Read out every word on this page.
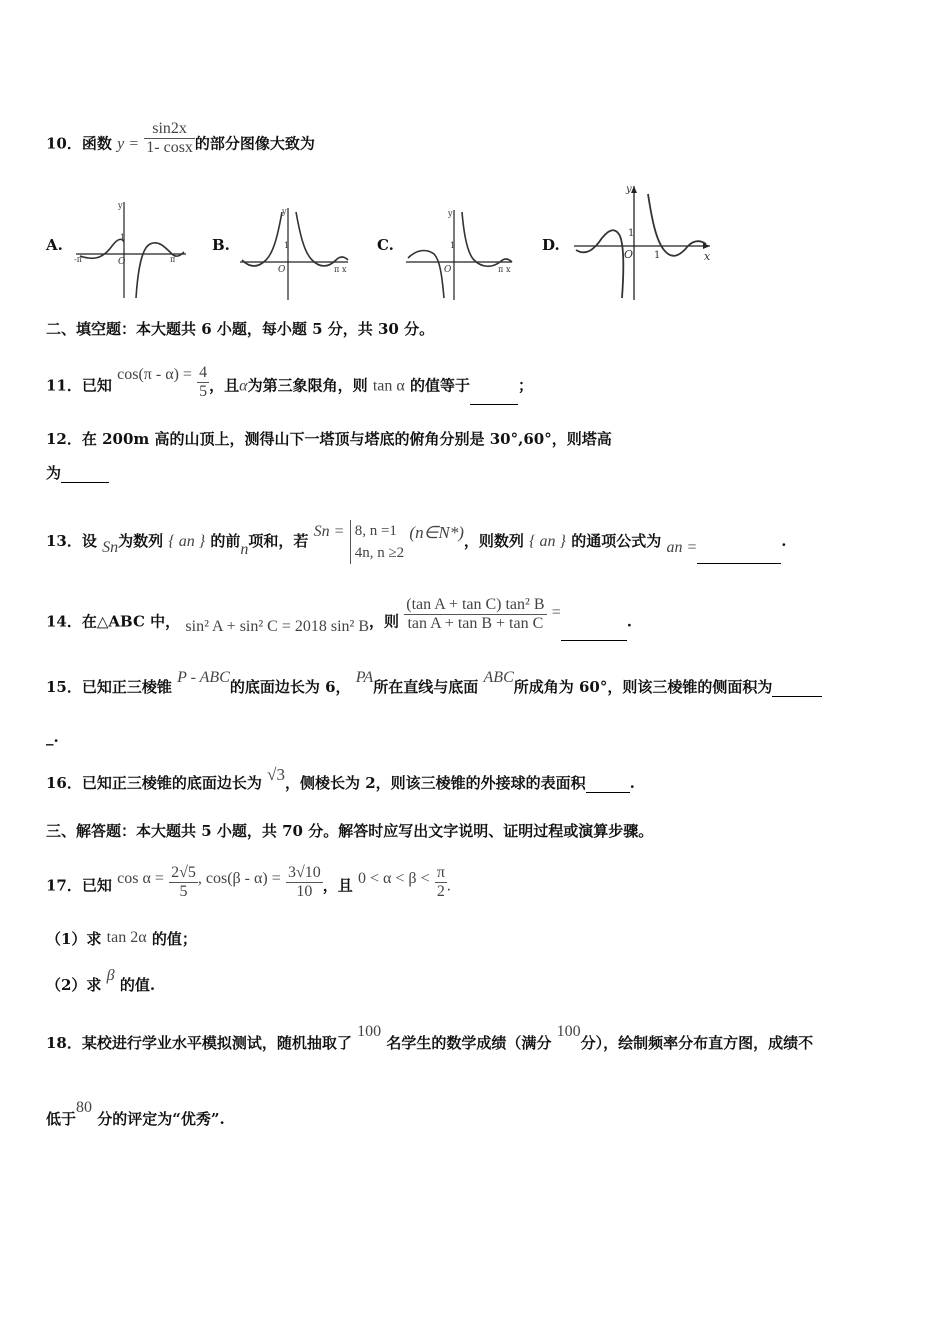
10．函数 $y = \frac{\sin 2x}{1- \cos x}$ 的部分图像大致为
A.
y
O
1
-π	π
B.
y
O
1
π x
C.
y
O
1
π x
D.
y
O
1
1	x
二、填空题：本大题共 6 小题，每小题 5 分，共 30 分。
11．已知 $\cos(\pi - \alpha) = \frac{4}{5}$ ，且α为第三象限角，则 tan α 的值等于	；
12．在 200m 高的山顶上，测得山下一塔顶与塔底的俯角分别是 30°,60°，则塔高
为
13．设 Sn为数列 { an } 的前n项和，若 Sn = 8, n =1
4n, n ≥2
(n∈N*)，则数列 { an } 的通项公式为 an =	.
14．在△ABC 中， sin² A + sin² C = 2018 sin² B，则 $\frac{\text{(tan A + tan C) tan² B}}{\text{tan A + tan B + tan C}}$ =.
15．已知正三棱锥 P - ABC的底面边长为 6， PA所在直线与底面 ABC所成角为 60°，则该三棱锥的侧面积为
_.
16．已知正三棱锥的底面边长为 √3，侧棱长为 2，则该三棱锥的外接球的表面积	.
三、解答题：本大题共 5 小题，共 70 分。解答时应写出文字说明、证明过程或演算步骤。
17．已知 $\cos \alpha = \frac{2√5}{5}$ , $\cos(\beta - \alpha) = \frac{3√10}{10}$ ，且 $0 < \alpha < \beta < \frac{\pi}{2}$ .
（1）求 tan 2α 的值；
（2）求 β 的值.
18．某校进行学业水平模拟测试，随机抽取了 100 名学生的数学成绩（满分 100分），绘制频率分布直方图，成绩不
低于80 分的评定为“优秀”.
